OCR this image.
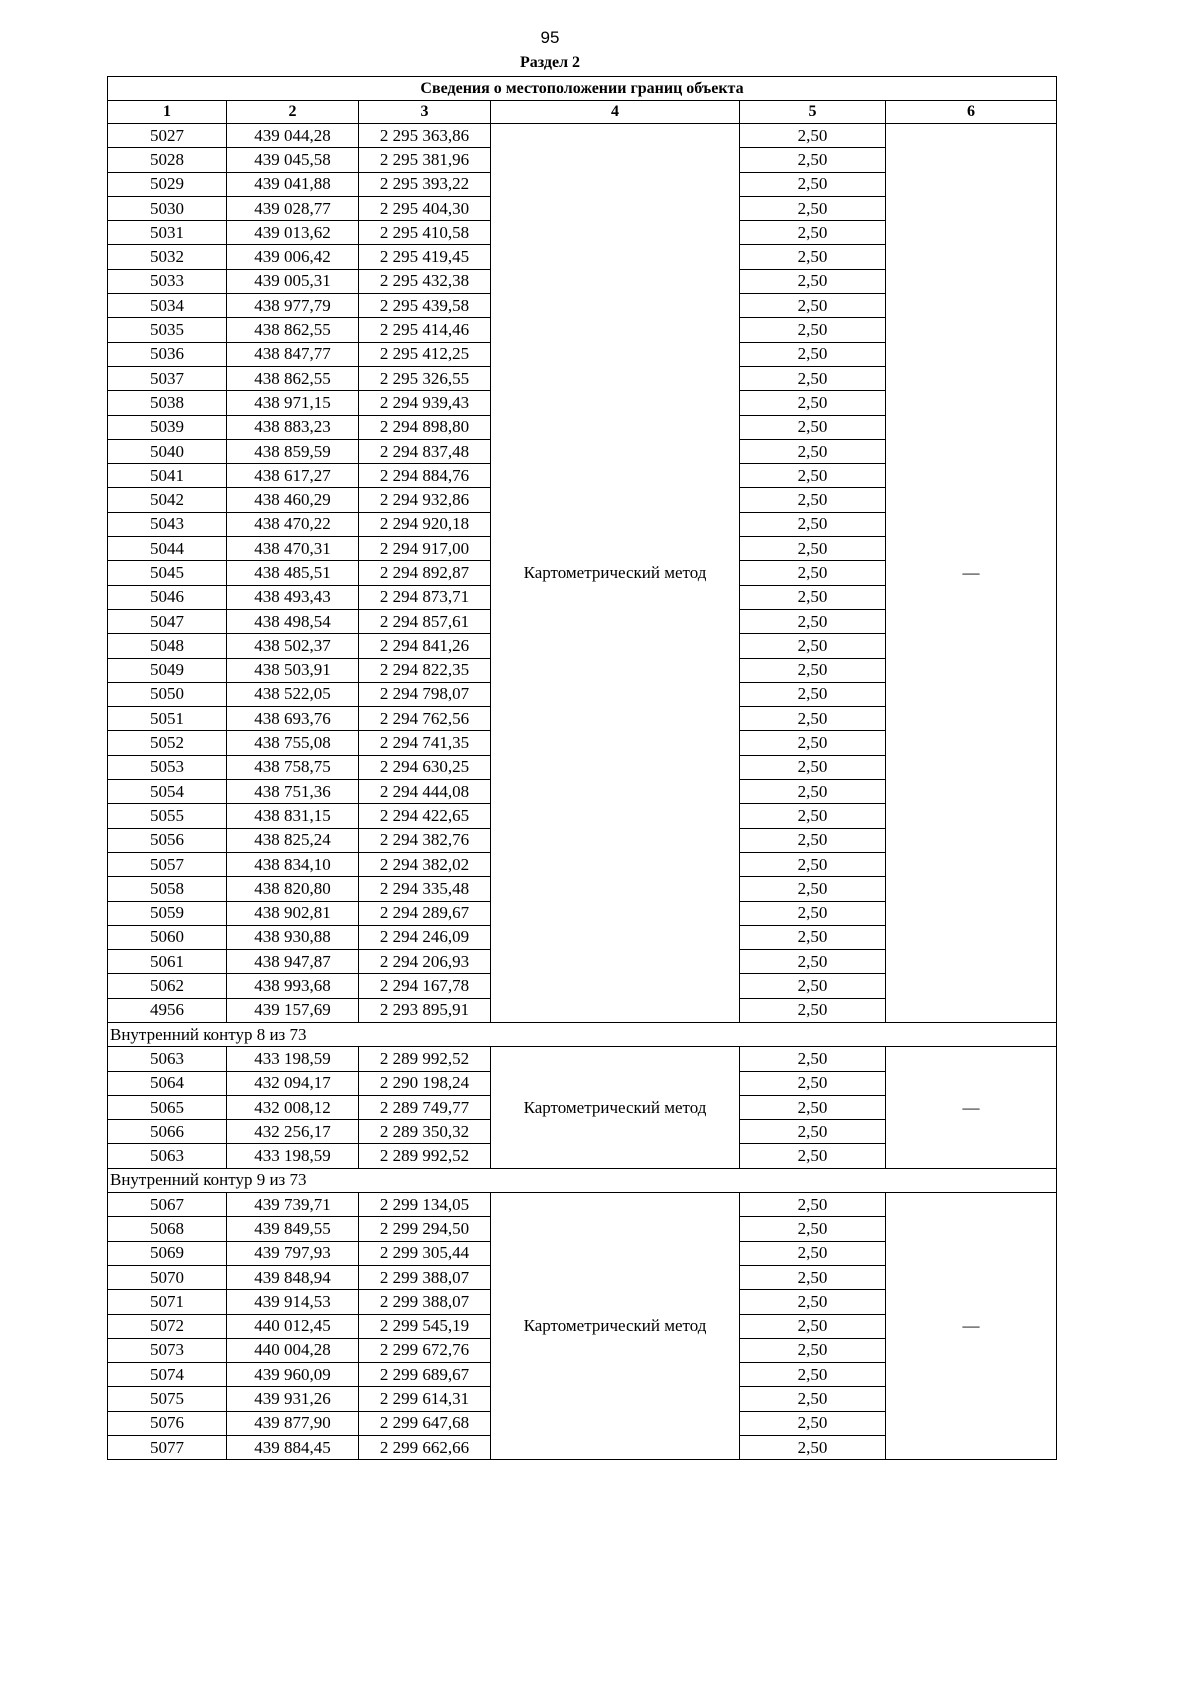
95
Раздел 2
Сведения о местоположении границ объекта					
1	2	3	4	5	6
5027	439 044,28	2 295 363,86	Картометрический метод	2,50	—
5028	439 045,58	2 295 381,96		2,50	
5029	439 041,88	2 295 393,22		2,50	
5030	439 028,77	2 295 404,30		2,50	
5031	439 013,62	2 295 410,58		2,50	
5032	439 006,42	2 295 419,45		2,50	
5033	439 005,31	2 295 432,38		2,50	
5034	438 977,79	2 295 439,58		2,50	
5035	438 862,55	2 295 414,46		2,50	
5036	438 847,77	2 295 412,25		2,50	
5037	438 862,55	2 295 326,55		2,50	
5038	438 971,15	2 294 939,43		2,50	
5039	438 883,23	2 294 898,80		2,50	
5040	438 859,59	2 294 837,48		2,50	
5041	438 617,27	2 294 884,76		2,50	
5042	438 460,29	2 294 932,86		2,50	
5043	438 470,22	2 294 920,18		2,50	
5044	438 470,31	2 294 917,00		2,50	
5045	438 485,51	2 294 892,87		2,50	
5046	438 493,43	2 294 873,71		2,50	
5047	438 498,54	2 294 857,61		2,50	
5048	438 502,37	2 294 841,26		2,50	
5049	438 503,91	2 294 822,35		2,50	
5050	438 522,05	2 294 798,07		2,50	
5051	438 693,76	2 294 762,56		2,50	
5052	438 755,08	2 294 741,35		2,50	
5053	438 758,75	2 294 630,25		2,50	
5054	438 751,36	2 294 444,08		2,50	
5055	438 831,15	2 294 422,65		2,50	
5056	438 825,24	2 294 382,76		2,50	
5057	438 834,10	2 294 382,02		2,50	
5058	438 820,80	2 294 335,48		2,50	
5059	438 902,81	2 294 289,67		2,50	
5060	438 930,88	2 294 246,09		2,50	
5061	438 947,87	2 294 206,93		2,50	
5062	438 993,68	2 294 167,78		2,50	
4956	439 157,69	2 293 895,91		2,50	
Внутренний контур 8 из 73					
5063	433 198,59	2 289 992,52	Картометрический метод	2,50	—
5064	432 094,17	2 290 198,24		2,50	
5065	432 008,12	2 289 749,77		2,50	
5066	432 256,17	2 289 350,32		2,50	
5063	433 198,59	2 289 992,52		2,50	
Внутренний контур 9 из 73					
5067	439 739,71	2 299 134,05	Картометрический метод	2,50	—
5068	439 849,55	2 299 294,50		2,50	
5069	439 797,93	2 299 305,44		2,50	
5070	439 848,94	2 299 388,07		2,50	
5071	439 914,53	2 299 388,07		2,50	
5072	440 012,45	2 299 545,19		2,50	
5073	440 004,28	2 299 672,76		2,50	
5074	439 960,09	2 299 689,67		2,50	
5075	439 931,26	2 299 614,31		2,50	
5076	439 877,90	2 299 647,68		2,50	
5077	439 884,45	2 299 662,66		2,50	
